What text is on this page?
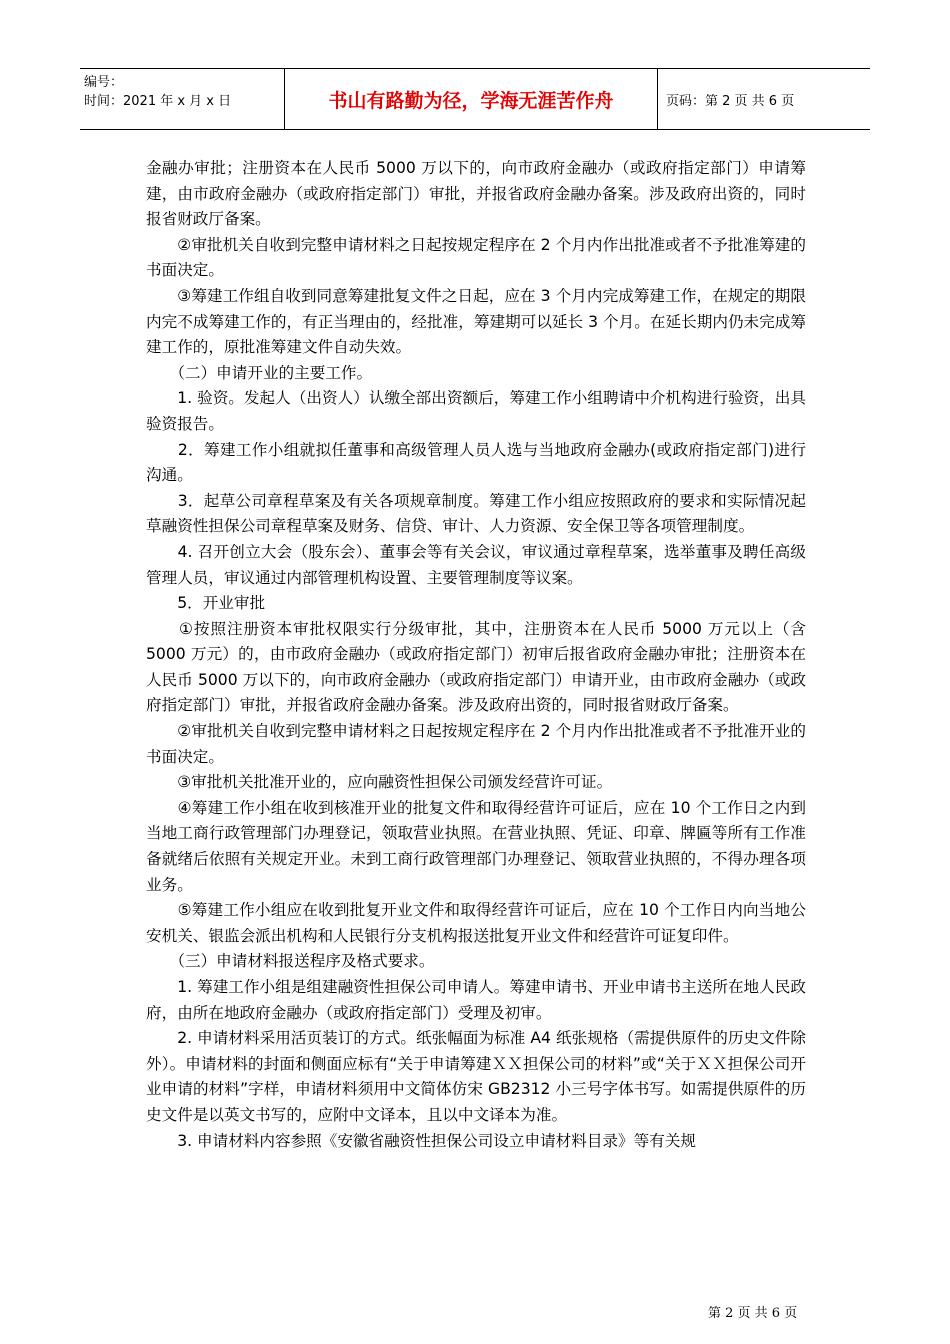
编号：
时间：2021 年 x 月 x 日	书山有路勤为径，学海无涯苦作舟	页码：第 2 页 共 6 页

金融办审批；注册资本在人民币 5000 万以下的，向市政府金融办（或政府指定部门）申请筹建，由市政府金融办（或政府指定部门）审批，并报省政府金融办备案。涉及政府出资的，同时报省财政厅备案。

　　②审批机关自收到完整申请材料之日起按规定程序在 2 个月内作出批准或者不予批准筹建的书面决定。

　　③筹建工作组自收到同意筹建批复文件之日起，应在 3 个月内完成筹建工作，在规定的期限内完不成筹建工作的，有正当理由的，经批准，筹建期可以延长 3 个月。在延长期内仍未完成筹建工作的，原批准筹建文件自动失效。

　　（二）申请开业的主要工作。

　　1. 验资。发起人（出资人）认缴全部出资额后，筹建工作小组聘请中介机构进行验资，出具验资报告。

　　2．筹建工作小组就拟任董事和高级管理人员人选与当地政府金融办(或政府指定部门)进行沟通。

　　3．起草公司章程草案及有关各项规章制度。筹建工作小组应按照政府的要求和实际情况起草融资性担保公司章程草案及财务、信贷、审计、人力资源、安全保卫等各项管理制度。

　　4. 召开创立大会（股东会）、董事会等有关会议，审议通过章程草案，选举董事及聘任高级管理人员，审议通过内部管理机构设置、主要管理制度等议案。

　　5．开业审批

　　①按照注册资本审批权限实行分级审批，其中，注册资本在人民币 5000 万元以上（含 5000 万元）的，由市政府金融办（或政府指定部门）初审后报省政府金融办审批；注册资本在人民币 5000 万以下的，向市政府金融办（或政府指定部门）申请开业，由市政府金融办（或政府指定部门）审批，并报省政府金融办备案。涉及政府出资的，同时报省财政厅备案。

　　②审批机关自收到完整申请材料之日起按规定程序在 2 个月内作出批准或者不予批准开业的书面决定。

　　③审批机关批准开业的，应向融资性担保公司颁发经营许可证。

　　④筹建工作小组在收到核准开业的批复文件和取得经营许可证后，应在 10 个工作日之内到当地工商行政管理部门办理登记，领取营业执照。在营业执照、凭证、印章、牌匾等所有工作准备就绪后依照有关规定开业。未到工商行政管理部门办理登记、领取营业执照的，不得办理各项业务。

　　⑤筹建工作小组应在收到批复开业文件和取得经营许可证后，应在 10 个工作日内向当地公安机关、银监会派出机构和人民银行分支机构报送批复开业文件和经营许可证复印件。

　　（三）申请材料报送程序及格式要求。

　　1. 筹建工作小组是组建融资性担保公司申请人。筹建申请书、开业申请书主送所在地人民政府，由所在地政府金融办（或政府指定部门）受理及初审。

　　2. 申请材料采用活页装订的方式。纸张幅面为标准 A4 纸张规格（需提供原件的历史文件除外）。申请材料的封面和侧面应标有“关于申请筹建ＸＸ担保公司的材料”或“关于ＸＸ担保公司开业申请的材料”字样，申请材料须用中文简体仿宋 GB2312 小三号字体书写。如需提供原件的历史文件是以英文书写的，应附中文译本，且以中文译本为准。

　　3. 申请材料内容参照《安徽省融资性担保公司设立申请材料目录》等有关规

第 2 页 共 6 页
